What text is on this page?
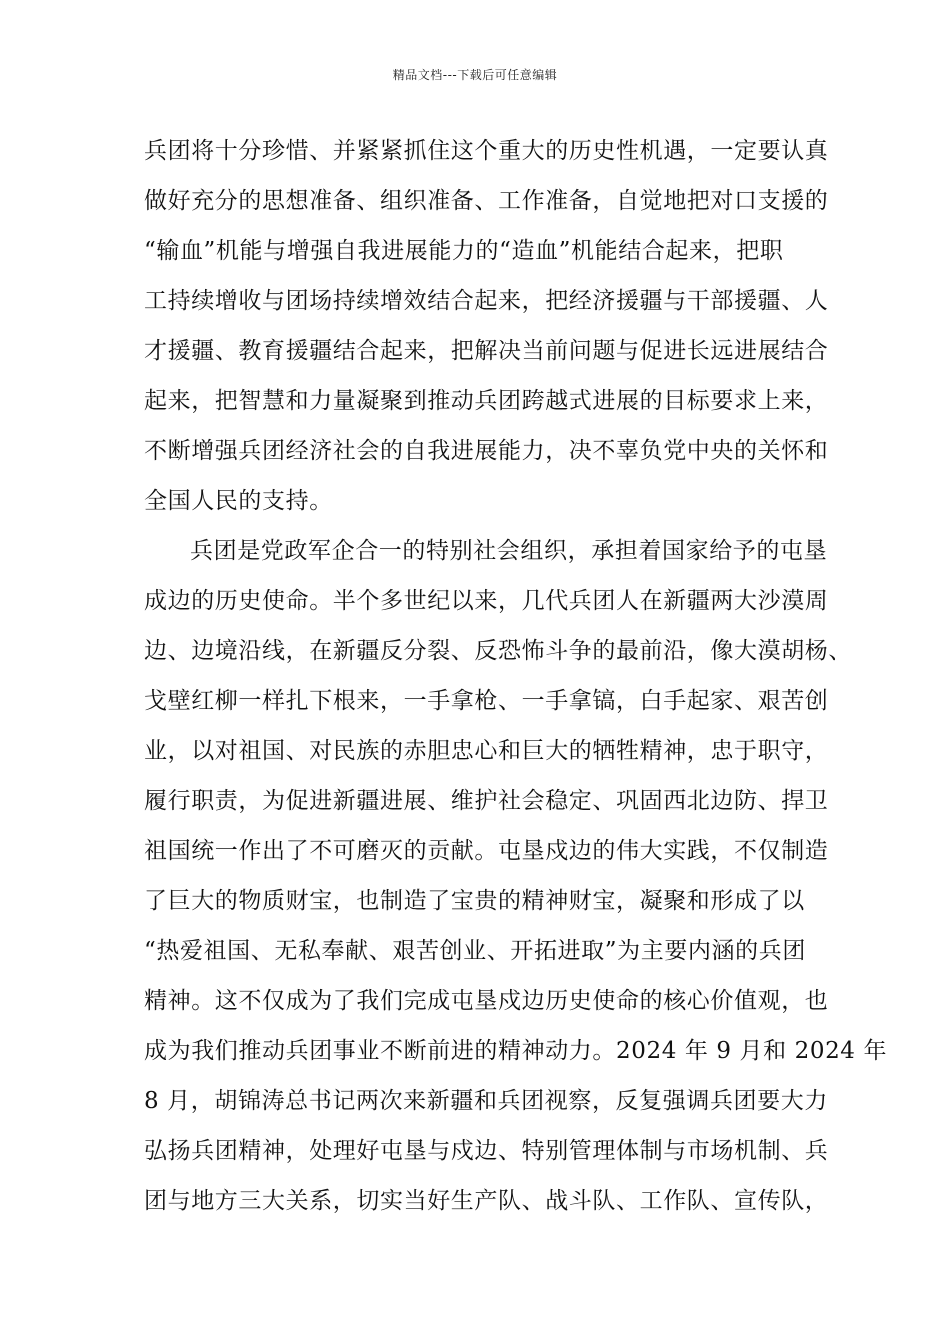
精品文档---下载后可任意编辑
兵团将十分珍惜、并紧紧抓住这个重大的历史性机遇，一定要认真
做好充分的思想准备、组织准备、工作准备，自觉地把对口支援的
“输血”机能与增强自我进展能力的“造血”机能结合起来，把职
工持续增收与团场持续增效结合起来，把经济援疆与干部援疆、人
才援疆、教育援疆结合起来，把解决当前问题与促进长远进展结合
起来，把智慧和力量凝聚到推动兵团跨越式进展的目标要求上来，
不断增强兵团经济社会的自我进展能力，决不辜负党中央的关怀和
全国人民的支持。
兵团是党政军企合一的特别社会组织，承担着国家给予的屯垦
成边的历史使命。半个多世纪以来，几代兵团人在新疆两大沙漠周
边、边境沿线，在新疆反分裂、反恐怖斗争的最前沿，像大漠胡杨、
戈壁红柳一样扎下根来，一手拿枪、一手拿镐，白手起家、艰苦创
业，以对祖国、对民族的赤胆忠心和巨大的牺牲精神，忠于职守，
履行职责，为促进新疆进展、维护社会稳定、巩固西北边防、捍卫
祖国统一作出了不可磨灭的贡献。屯垦戍边的伟大实践，不仅制造
了巨大的物质财宝，也制造了宝贵的精神财宝，凝聚和形成了以
“热爱祖国、无私奉献、艰苦创业、开拓进取”为主要内涵的兵团
精神。这不仅成为了我们完成屯垦戍边历史使命的核心价值观，也
成为我们推动兵团事业不断前进的精神动力。2024 年 9 月和 2024 年
8 月，胡锦涛总书记两次来新疆和兵团视察，反复强调兵团要大力
弘扬兵团精神，处理好屯垦与戍边、特别管理体制与市场机制、兵
团与地方三大关系，切实当好生产队、战斗队、工作队、宣传队，
